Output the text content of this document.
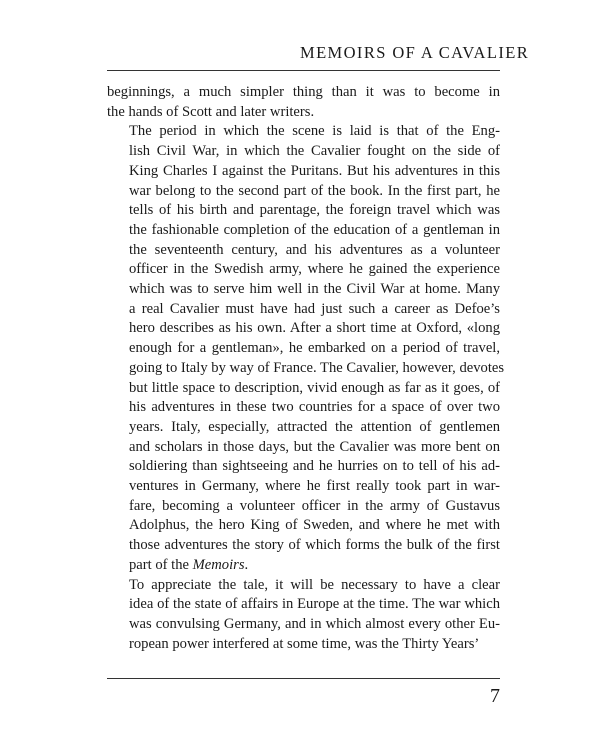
MEMOIRS OF A CAVALIER

beginnings, a much simpler thing than it was to become in
the hands of Scott and later writers.

The period in which the scene is laid is that of the Eng-
lish Civil War, in which the Cavalier fought on the side of
King Charles I against the Puritans. But his adventures in this
war belong to the second part of the book. In the first part, he
tells of his birth and parentage, the foreign travel which was
the fashionable completion of the education of a gentleman in
the seventeenth century, and his adventures as a volunteer
officer in the Swedish army, where he gained the experience
which was to serve him well in the Civil War at home. Many
a real Cavalier must have had just such a career as Defoe’s
hero describes as his own. After a short time at Oxford, «long
enough for a gentleman», he embarked on a period of travel,
going to Italy by way of France. The Cavalier, however, devotes
but little space to description, vivid enough as far as it goes, of
his adventures in these two countries for a space of over two
years. Italy, especially, attracted the attention of gentlemen
and scholars in those days, but the Cavalier was more bent on
soldiering than sightseeing and he hurries on to tell of his ad-
ventures in Germany, where he first really took part in war-
fare, becoming a volunteer officer in the army of Gustavus
Adolphus, the hero King of Sweden, and where he met with
those adventures the story of which forms the bulk of the first
part of the Memoirs.

To appreciate the tale, it will be necessary to have a clear
idea of the state of affairs in Europe at the time. The war which
was convulsing Germany, and in which almost every other Eu-
ropean power interfered at some time, was the Thirty Years’

7
